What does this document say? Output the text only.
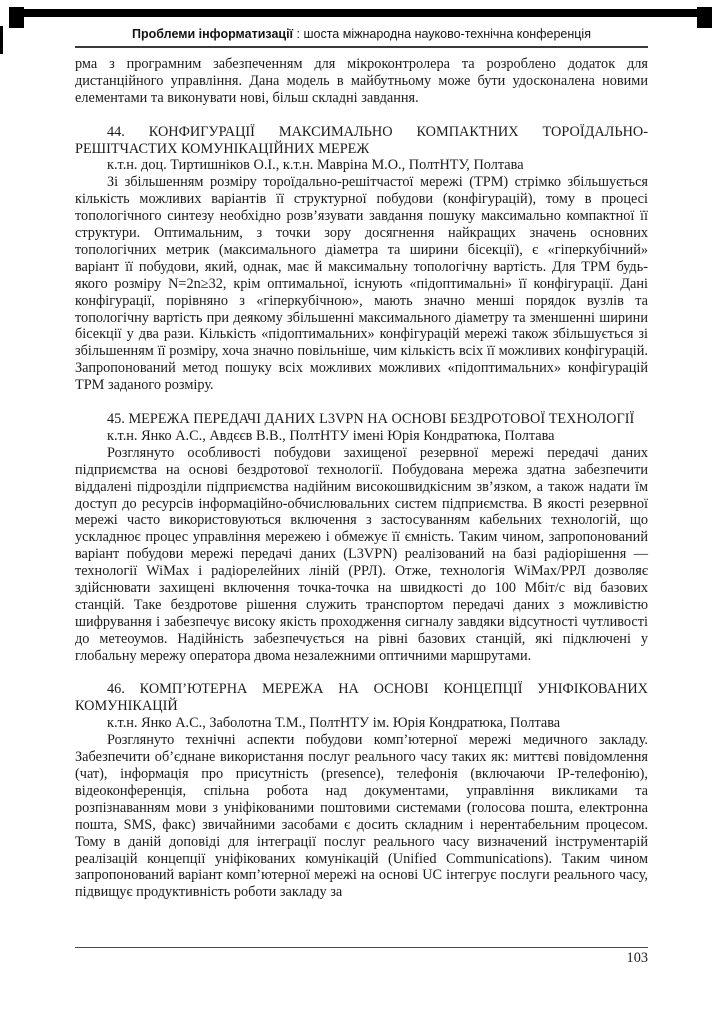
Проблеми інформатизації : шоста міжнародна науково-технічна конференція

рма з програмним забезпеченням для мікроконтролера та розроблено додаток для дистанційного управління. Дана модель в майбутньому може бути удосконалена новими елементами та виконувати нові, більш складні завдання.

44. КОНФИГУРАЦІЇ МАКСИМАЛЬНО КОМПАКТНИХ ТОРОЇДАЛЬНО-РЕШІТЧАСТИХ КОМУНІКАЦІЙНИХ МЕРЕЖ

к.т.н. доц. Тиртишніков О.І., к.т.н. Мавріна М.О., ПолтНТУ, Полтава

Зі збільшенням розміру тороїдально-решітчастої мережі (ТРМ) стрімко збільшується кількість можливих варіантів її структурної побудови (конфігурацій), тому в процесі топологічного синтезу необхідно розв’язувати завдання пошуку максимально компактної її структури. Оптимальним, з точки зору досягнення найкращих значень основних топологічних метрик (максимального діаметра та ширини бісекції), є «гіперкубічний» варіант її побудови, який, однак, має й максимальну топологічну вартість. Для ТРМ будь-якого розміру N=2n≥32, крім оптимальної, існують «підоптимальні» її конфігурації. Дані конфігурації, порівняно з «гіперкубічною», мають значно менші порядок вузлів та топологічну вартість при деякому збільшенні максимального діаметру та зменшенні ширини бісекції у два рази. Кількість «підоптимальних» конфігурацій мережі також збільшується зі збільшенням її розміру, хоча значно повільніше, чим кількість всіх її можливих конфігурацій. Запропонований метод пошуку всіх можливих можливих «підоптимальних» конфігурацій ТРМ заданого розміру.

45. МЕРЕЖА ПЕРЕДАЧІ ДАНИХ L3VPN НА ОСНОВІ БЕЗДРОТОВОЇ ТЕХНОЛОГІЇ

к.т.н. Янко А.С., Авдєєв В.В., ПолтНТУ імені Юрія Кондратюка, Полтава

Розглянуто особливості побудови захищеної резервної мережі передачі даних підприємства на основі бездротової технології. Побудована мережа здатна забезпечити віддалені підрозділи підприємства надійним високошвидкісним зв’язком, а також надати їм доступ до ресурсів інформаційно-обчислювальних систем підприємства. В якості резервної мережі часто використовуються включення з застосуванням кабельних технологій, що ускладнює процес управління мережею і обмежує її ємність. Таким чином, запропонований варіант побудови мережі передачі даних (L3VPN) реалізований на базі радіорішення — технології WiMax і радіорелейних ліній (РРЛ). Отже, технологія WiMax/РРЛ дозволяє здійснювати захищені включення точка-точка на швидкості до 100 Мбіт/с від базових станцій. Таке бездротове рішення служить транспортом передачі даних з можливістю шифрування і забезпечує високу якість проходження сигналу завдяки відсутності чутливості до метеоумов. Надійність забезпечується на рівні базових станцій, які підключені у глобальну мережу оператора двома незалежними оптичними маршрутами.

46. КОМП’ЮТЕРНА МЕРЕЖА НА ОСНОВІ КОНЦЕПЦІЇ УНІФІКОВАНИХ КОМУНІКАЦІЙ

к.т.н. Янко А.С., Заболотна Т.М., ПолтНТУ ім. Юрія Кондратюка, Полтава

Розглянуто технічні аспекти побудови комп’ютерної мережі медичного закладу. Забезпечити об’єднане використання послуг реального часу таких як: миттєві повідомлення (чат), інформація про присутність (presence), телефонія (включаючи IP-телефонію), відеоконференція, спільна робота над документами, управління викликами та розпізнаванням мови з уніфікованими поштовими системами (голосова пошта, електронна пошта, SMS, факс) звичайними засобами є досить складним і нерентабельним процесом. Тому в даній доповіді для інтеграції послуг реального часу визначений інструментарій реалізацій концепції уніфікованих комунікацій (Unified Communications). Таким чином запропонований варіант комп’ютерної мережі на основі UC інтегрує послуги реального часу, підвищує продуктивність роботи закладу за

103
